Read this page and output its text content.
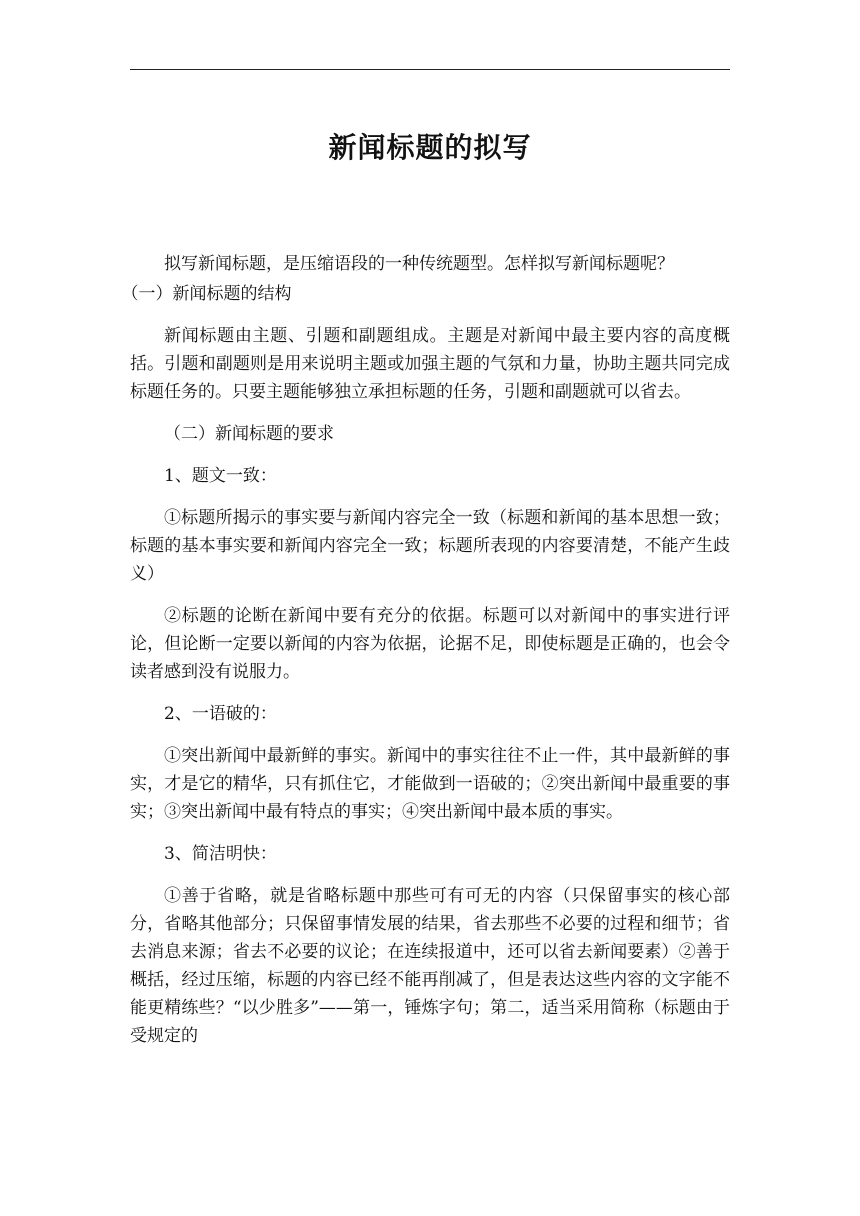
新闻标题的拟写

拟写新闻标题，是压缩语段的一种传统题型。怎样拟写新闻标题呢？

（一）新闻标题的结构

新闻标题由主题、引题和副题组成。主题是对新闻中最主要内容的高度概括。引题和副题则是用来说明主题或加强主题的气氛和力量，协助主题共同完成标题任务的。只要主题能够独立承担标题的任务，引题和副题就可以省去。

（二）新闻标题的要求

1、题文一致：

①标题所揭示的事实要与新闻内容完全一致（标题和新闻的基本思想一致；标题的基本事实要和新闻内容完全一致；标题所表现的内容要清楚，不能产生歧义）

②标题的论断在新闻中要有充分的依据。标题可以对新闻中的事实进行评论，但论断一定要以新闻的内容为依据，论据不足，即使标题是正确的，也会令读者感到没有说服力。

2、一语破的：

①突出新闻中最新鲜的事实。新闻中的事实往往不止一件，其中最新鲜的事实，才是它的精华，只有抓住它，才能做到一语破的；②突出新闻中最重要的事实；③突出新闻中最有特点的事实；④突出新闻中最本质的事实。

3、简洁明快：

①善于省略，就是省略标题中那些可有可无的内容（只保留事实的核心部分，省略其他部分；只保留事情发展的结果，省去那些不必要的过程和细节；省去消息来源；省去不必要的议论；在连续报道中，还可以省去新闻要素）②善于概括，经过压缩，标题的内容已经不能再削减了，但是表达这些内容的文字能不能更精练些？“以少胜多”——第一，锤炼字句；第二，适当采用简称（标题由于受规定的
